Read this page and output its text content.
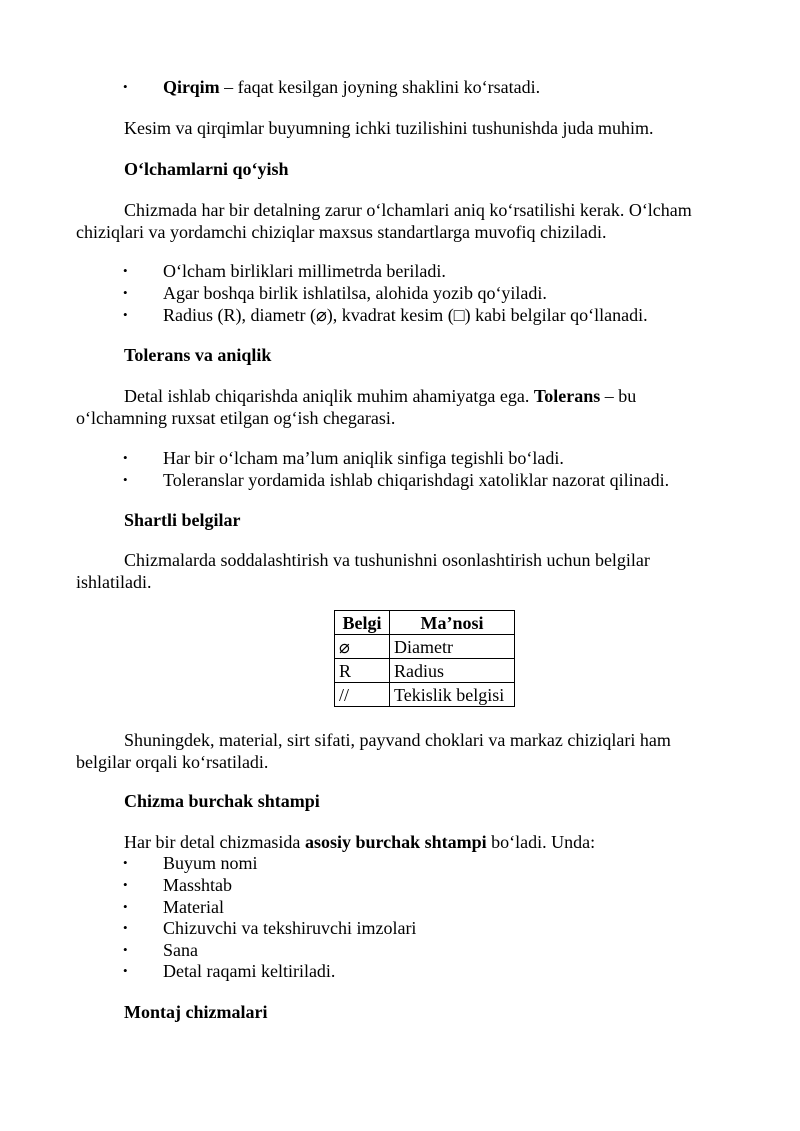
• Qirqim – faqat kesilgan joyning shaklini ko‘rsatadi.
Kesim va qirqimlar buyumning ichki tuzilishini tushunishda juda muhim.
O‘lchamlarni qo‘yish
Chizmada har bir detalning zarur o‘lchamlari aniq ko‘rsatilishi kerak. O‘lcham
chiziqlari va yordamchi chiziqlar maxsus standartlarga muvofiq chiziladi.
• O‘lcham birliklari millimetrda beriladi.
• Agar boshqa birlik ishlatilsa, alohida yozib qo‘yiladi.
• Radius (R), diametr (⌀), kvadrat kesim (□) kabi belgilar qo‘llanadi.
Tolerans va aniqlik
Detal ishlab chiqarishda aniqlik muhim ahamiyatga ega. Tolerans – bu
o‘lchamning ruxsat etilgan og‘ish chegarasi.
• Har bir o‘lcham ma’lum aniqlik sinfiga tegishli bo‘ladi.
• Toleranslar yordamida ishlab chiqarishdagi xatoliklar nazorat qilinadi.
Shartli belgilar
Chizmalarda soddalashtirish va tushunishni osonlashtirish uchun belgilar
ishlatiladi.
Belgi	Ma’nosi
⌀	Diametr
R	Radius
//	Tekislik belgisi
Shuningdek, material, sirt sifati, payvand choklari va markaz chiziqlari ham
belgilar orqali ko‘rsatiladi.
Chizma burchak shtampi
Har bir detal chizmasida asosiy burchak shtampi bo‘ladi. Unda:
• Buyum nomi
• Masshtab
• Material
• Chizuvchi va tekshiruvchi imzolari
• Sana
• Detal raqami keltiriladi.
Montaj chizmalari
